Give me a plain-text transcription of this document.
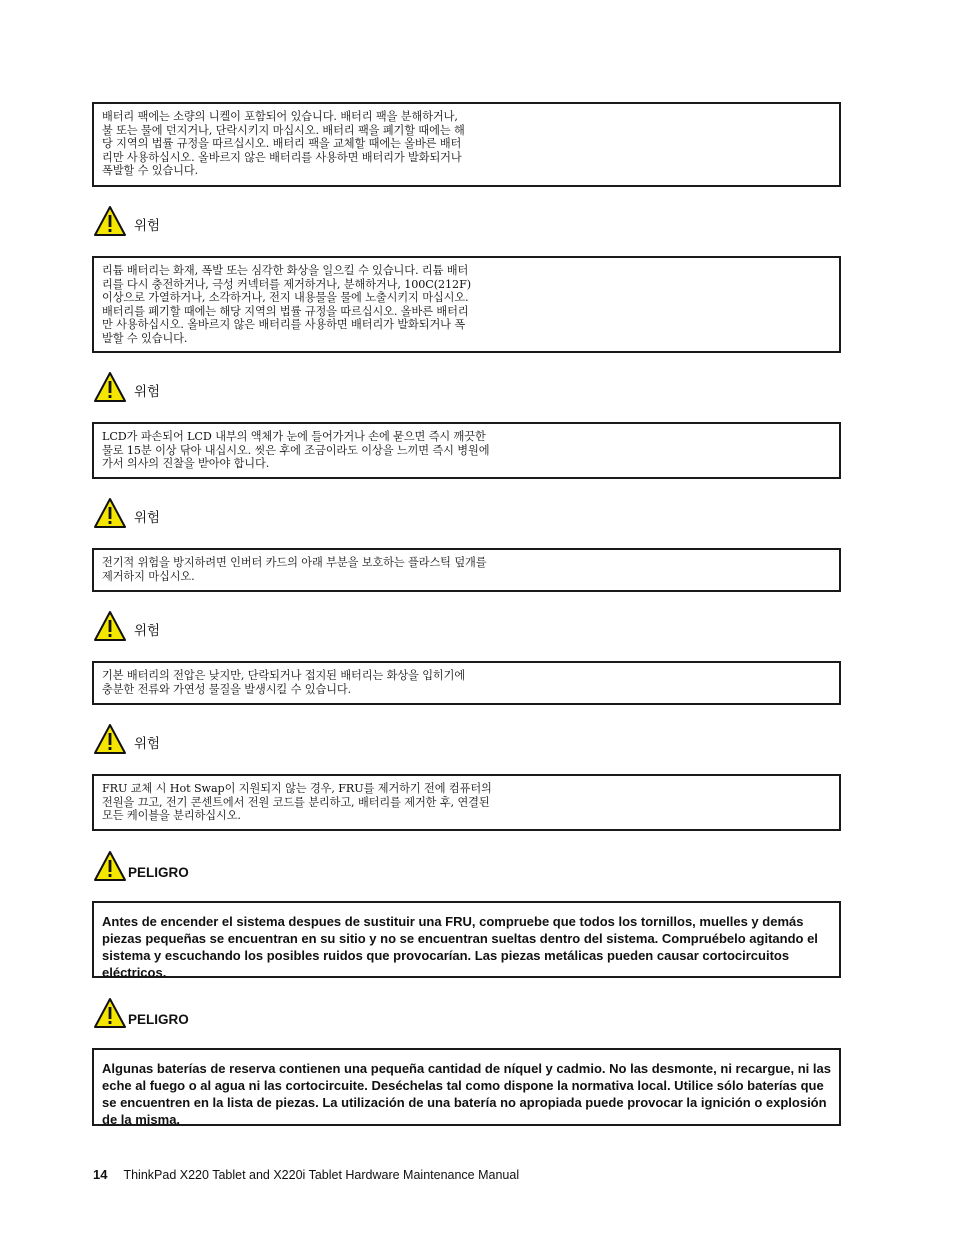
배터리 팩에는 소량의 니켈이 포함되어 있습니다. 배터리 팩을 분해하거나,
불 또는 물에 던지거나, 단락시키지 마십시오. 배터리 팩을 폐기할 때에는 해
당 지역의 법률 규정을 따르십시오. 배터리 팩을 교체할 때에는 올바른 배터
리만 사용하십시오. 올바르지 않은 배터리를 사용하면 배터리가 발화되거나
폭발할 수 있습니다.
위험
리튬 배터리는 화재, 폭발 또는 심각한 화상을 일으킬 수 있습니다. 리튬 배터
리를 다시 충전하거나, 극성 커넥터를 제거하거나, 분해하거나, 100C(212F)
이상으로 가열하거나, 소각하거나, 전지 내용물을 물에 노출시키지 마십시오.
배터리를 폐기할 때에는 해당 지역의 법률 규정을 따르십시오. 올바른 배터리
만 사용하십시오. 올바르지 않은 배터리를 사용하면 배터리가 발화되거나 폭
발할 수 있습니다.
위험
LCD가 파손되어 LCD 내부의 액체가 눈에 들어가거나 손에 묻으면 즉시 깨끗한
물로 15분 이상 닦아 내십시오. 씻은 후에 조금이라도 이상을 느끼면 즉시 병원에
가서 의사의 진찰을 받아야 합니다.
위험
전기적 위험을 방지하려면 인버터 카드의 아래 부분을 보호하는 플라스틱 덮개를
제거하지 마십시오.
위험
기본 배터리의 전압은 낮지만, 단락되거나 접지된 배터리는 화상을 입히기에
충분한 전류와 가연성 물질을 발생시킬 수 있습니다.
위험
FRU 교체 시 Hot Swap이 지원되지 않는 경우, FRU를 제거하기 전에 컴퓨터의
전원을 끄고, 전기 콘센트에서 전원 코드를 분리하고, 배터리를 제거한 후, 연결된
모든 케이블을 분리하십시오.
PELIGRO
Antes de encender el sistema despues de sustituir una FRU, compruebe que todos los tornillos, muelles y demás piezas pequeñas se encuentran en su sitio y no se encuentran sueltas dentro del sistema. Compruébelo agitando el sistema y escuchando los posibles ruidos que provocarían. Las piezas metálicas pueden causar cortocircuitos eléctricos.
PELIGRO
Algunas baterías de reserva contienen una pequeña cantidad de níquel y cadmio. No las desmonte, ni recargue, ni las eche al fuego o al agua ni las cortocircuite. Deséchelas tal como dispone la normativa local. Utilice sólo baterías que se encuentren en la lista de piezas. La utilización de una batería no apropiada puede provocar la ignición o explosión de la misma.
14 ThinkPad X220 Tablet and X220i Tablet Hardware Maintenance Manual
